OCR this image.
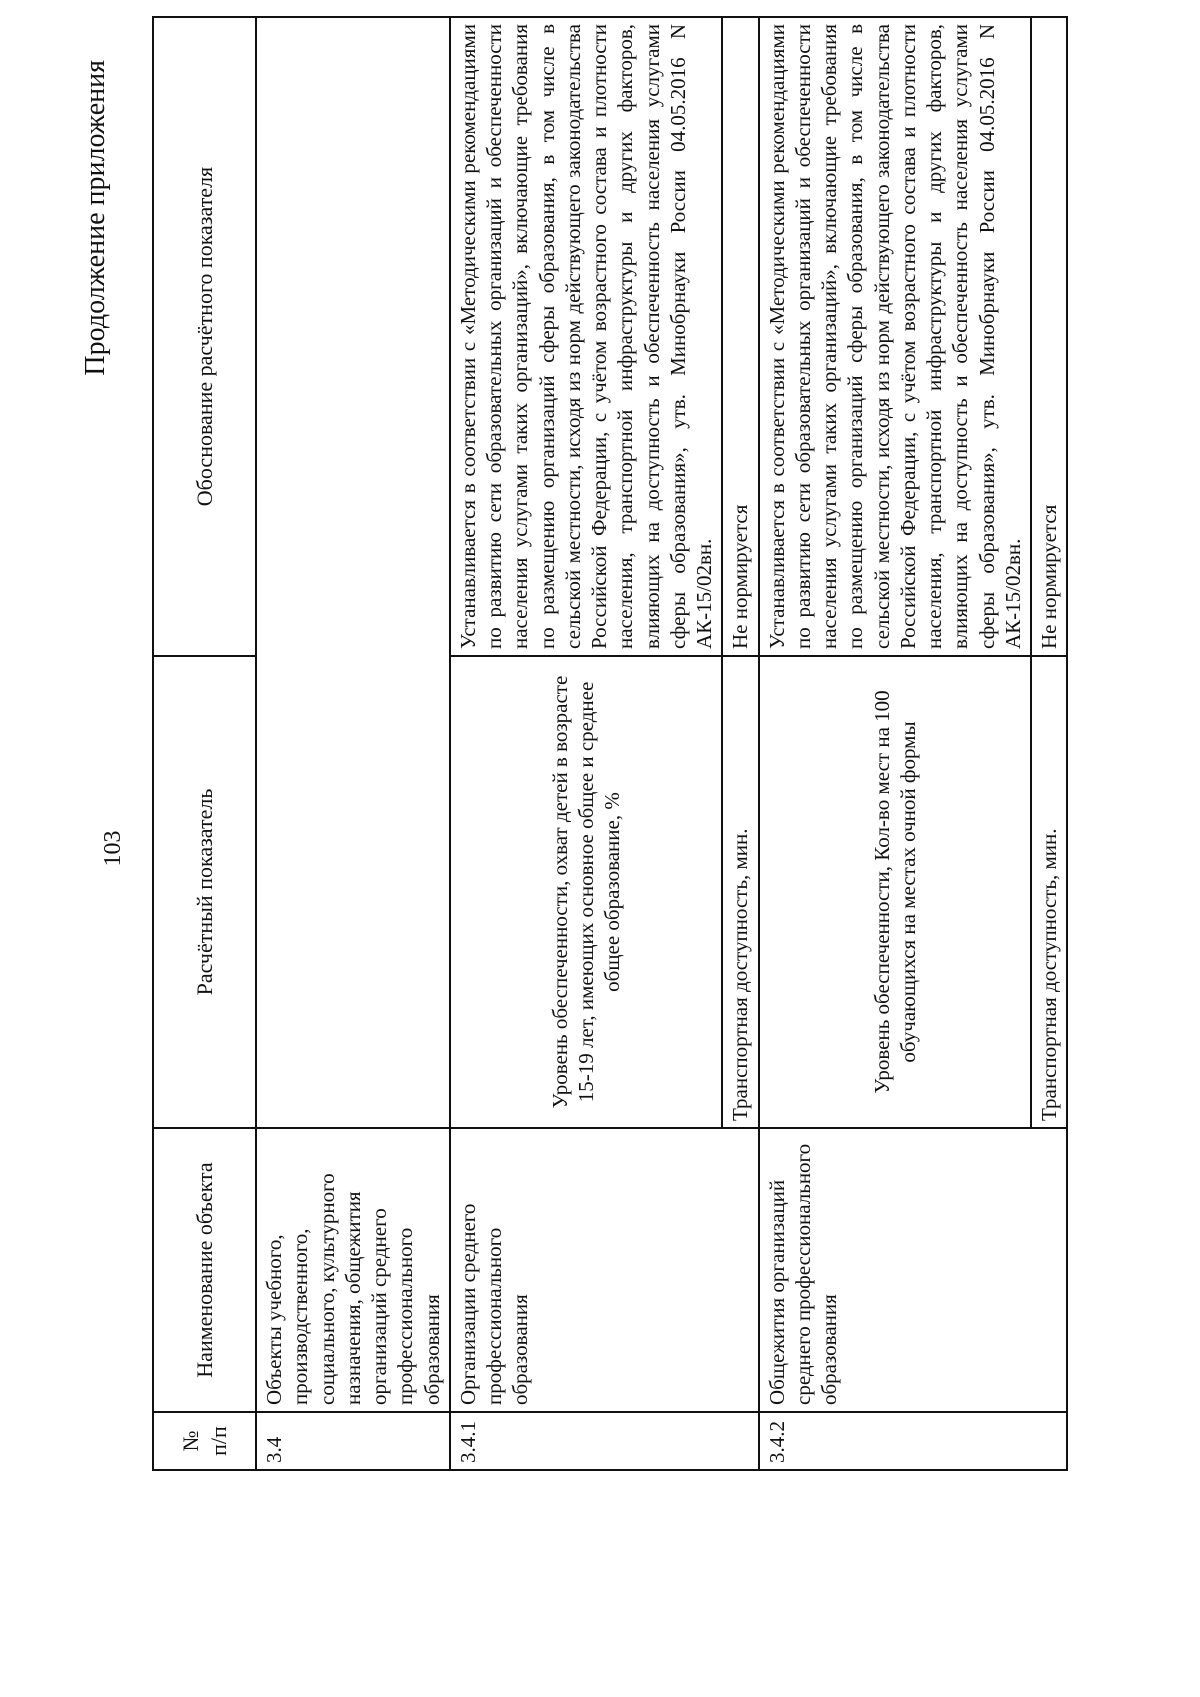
Продолжение приложения
103
№ п/п	Наименование объекта	Расчётный показатель	Обоснование расчётного показателя
3.4	Объекты учебного, производственного, социального, культурного назначения, общежития организаций среднего профессионального образования		
3.4.1	Организации среднего профессионального образования	Уровень обеспеченности, охват детей в возрасте 15-19 лет, имеющих основное общее и среднее общее образование, %	Устанавливается в соответствии с «Методическими рекомендациями по развитию сети образовательных организаций и обеспеченности населения услугами таких организаций», включающие требования по размещению организаций сферы образования, в том числе в сельской местности, исходя из норм действующего законодательства Российской Федерации, с учётом возрастного состава и плотности населения, транспортной инфраструктуры и других факторов, влияющих на доступность и обеспеченность населения услугами сферы образования», утв. Минобрнауки России 04.05.2016 N АК-15/02вн.
		Транспортная доступность, мин.	Не нормируется
3.4.2	Общежития организаций среднего профессионального образования	Уровень обеспеченности, Кол-во мест на 100 обучающихся на местах очной формы	Устанавливается в соответствии с «Методическими рекомендациями по развитию сети образовательных организаций и обеспеченности населения услугами таких организаций», включающие требования по размещению организаций сферы образования, в том числе в сельской местности, исходя из норм действующего законодательства Российской Федерации, с учётом возрастного состава и плотности населения, транспортной инфраструктуры и других факторов, влияющих на доступность и обеспеченность населения услугами сферы образования», утв. Минобрнауки России 04.05.2016 N АК-15/02вн.
		Транспортная доступность, мин.	Не нормируется
